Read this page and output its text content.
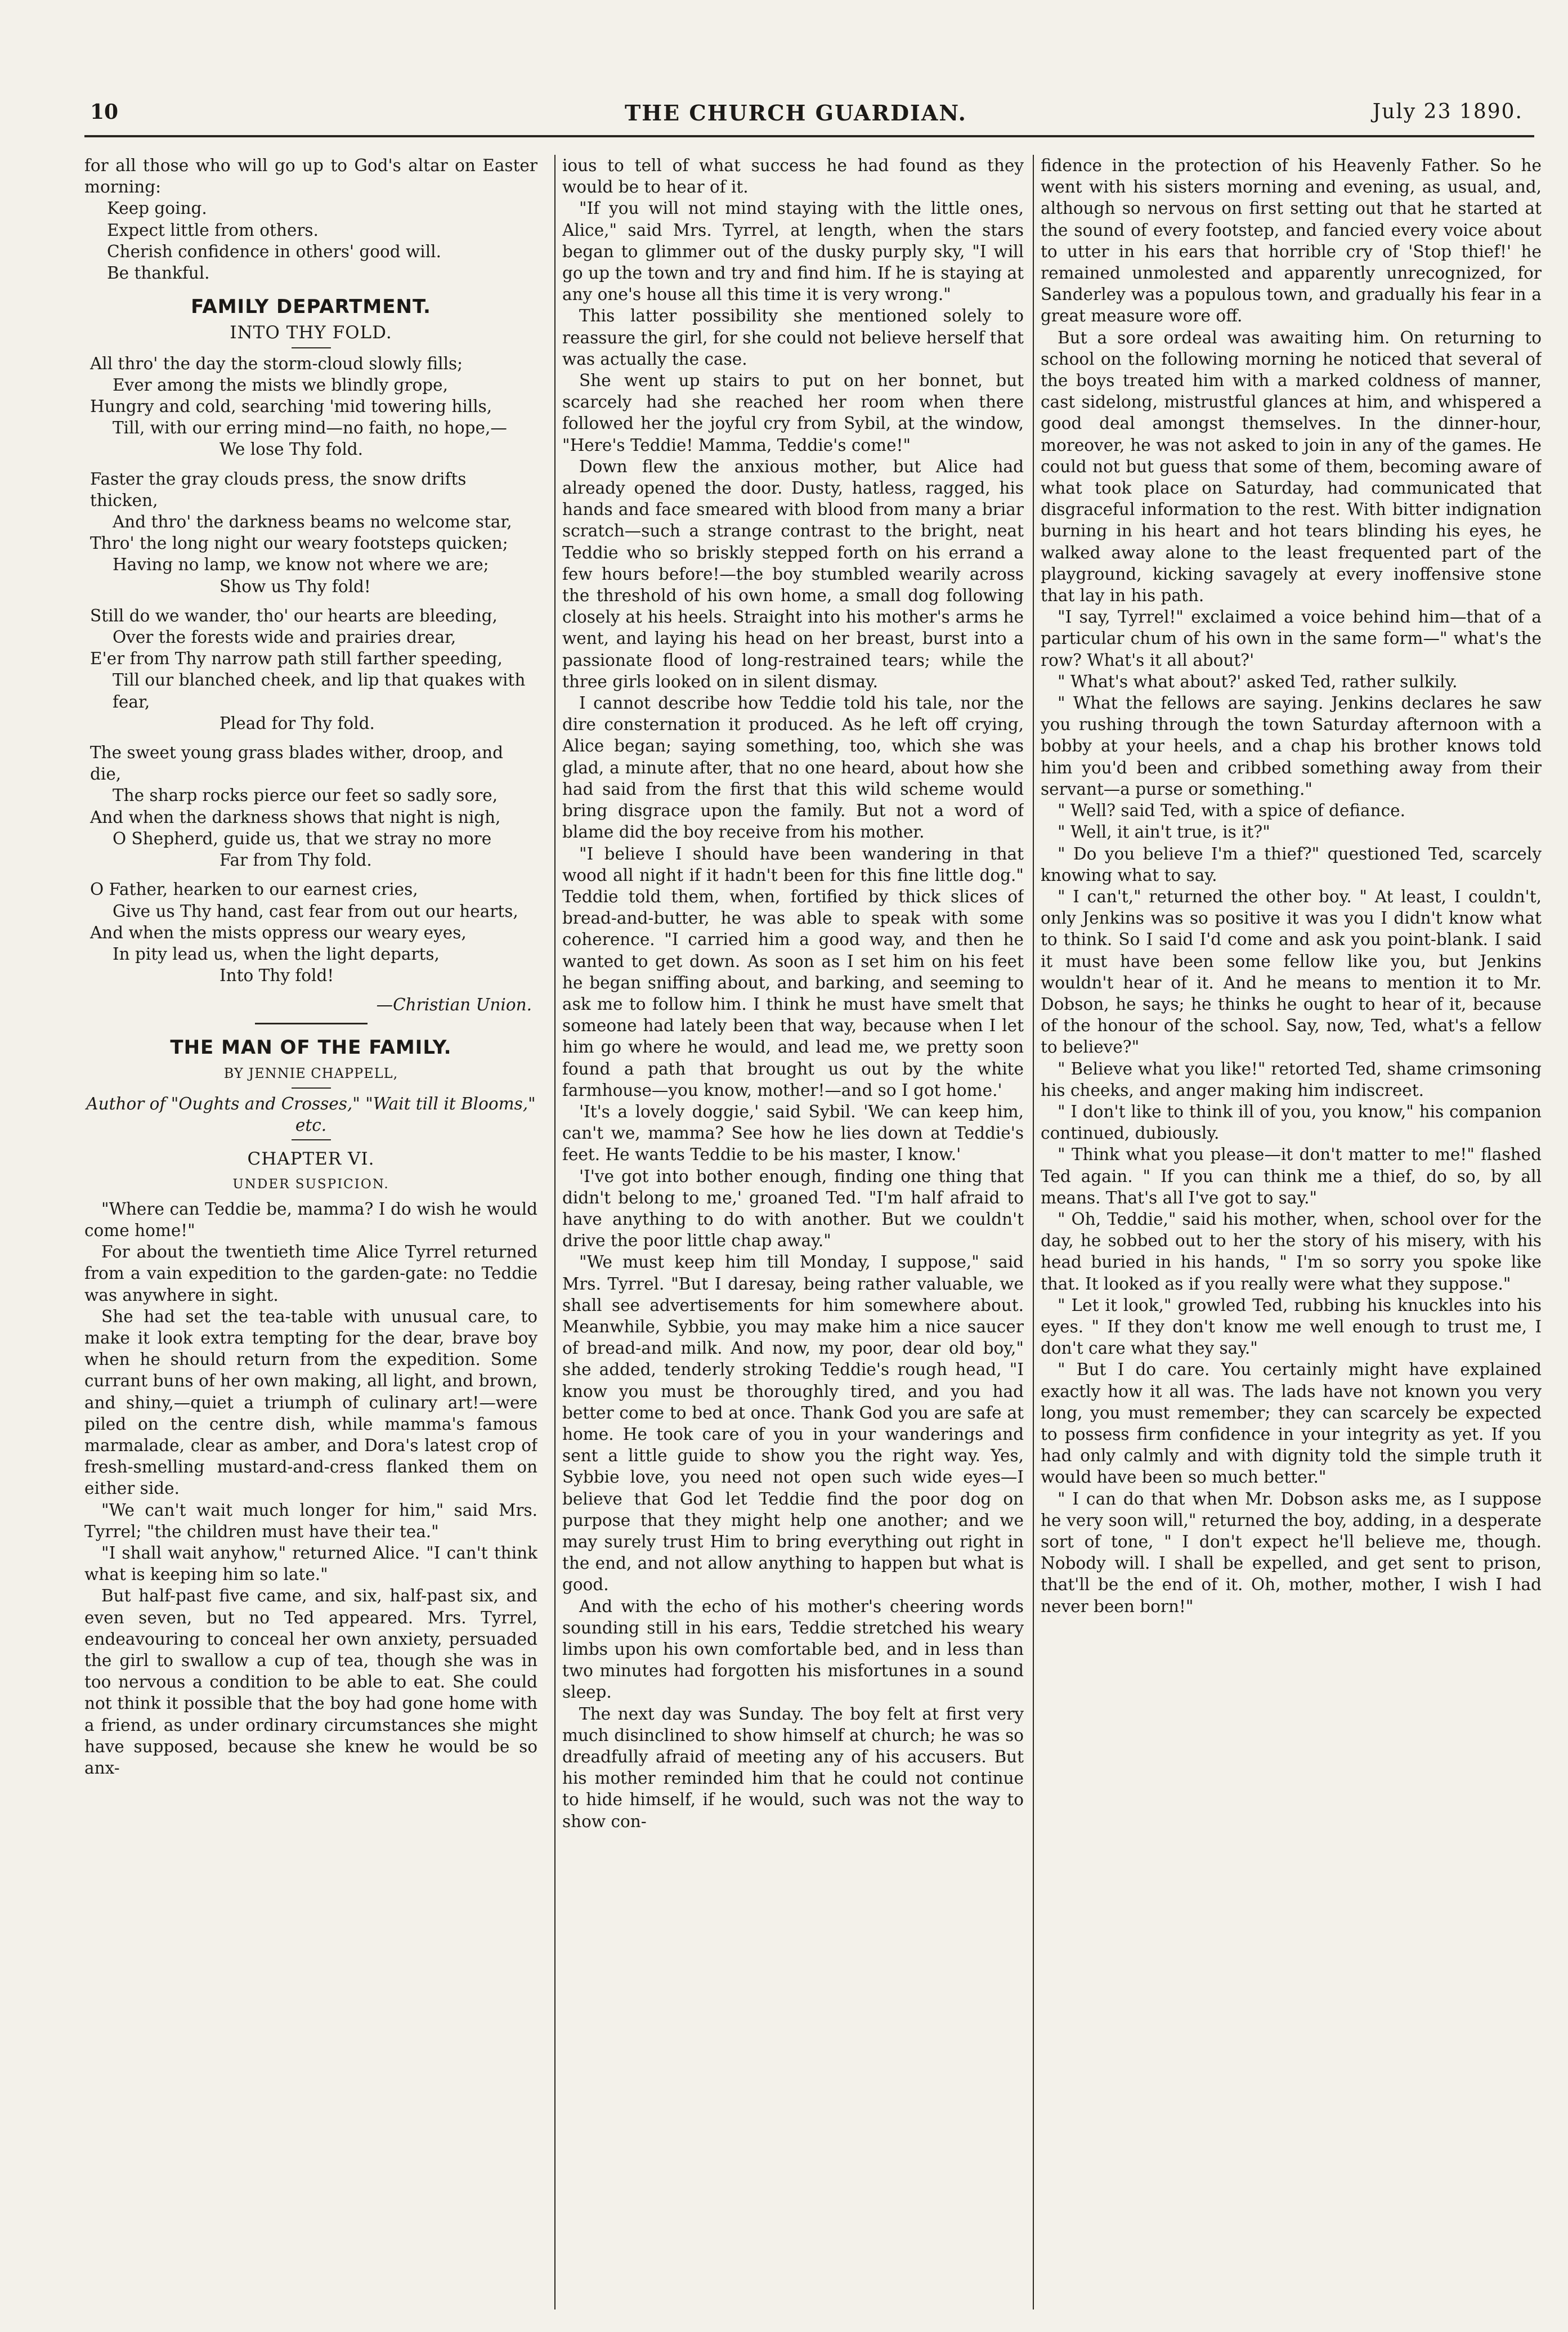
10	THE CHURCH GUARDIAN.	July 23 1890.

for all those who will go up to God's altar on Easter morning:

Keep going.
Expect little from others.
Cherish confidence in others' good will.
Be thankful.
FAMILY DEPARTMENT.
INTO THY FOLD.
All thro' the day the storm-cloud slowly fills;
Ever among the mists we blindly grope,
Hungry and cold, searching 'mid towering hills,
Till, with our erring mind—no faith, no hope,—
We lose Thy fold.
Faster the gray clouds press, the snow drifts thicken,
And thro' the darkness beams no welcome star,
Thro' the long night our weary footsteps quicken;
Having no lamp, we know not where we are;
Show us Thy fold!
Still do we wander, tho' our hearts are bleeding,
Over the forests wide and prairies drear,
E'er from Thy narrow path still farther speeding,
Till our blanched cheek, and lip that quakes with fear,
Plead for Thy fold.
The sweet young grass blades wither, droop, and die,
The sharp rocks pierce our feet so sadly sore,
And when the darkness shows that night is nigh,
O Shepherd, guide us, that we stray no more
Far from Thy fold.
O Father, hearken to our earnest cries,
Give us Thy hand, cast fear from out our hearts,
And when the mists oppress our weary eyes,
In pity lead us, when the light departs,
Into Thy fold!
—Christian Union.
THE MAN OF THE FAMILY.
BY JENNIE CHAPPELL,
Author of "Oughts and Crosses," "Wait till it Blooms," etc.
CHAPTER VI.
UNDER SUSPICION.

"Where can Teddie be, mamma? I do wish he would come home!"

For about the twentieth time Alice Tyrrel returned from a vain expedition to the garden-gate: no Teddie was anywhere in sight.

She had set the tea-table with unusual care, to make it look extra tempting for the dear, brave boy when he should return from the expedition. Some currant buns of her own making, all light, and brown, and shiny,—quiet a triumph of culinary art!—were piled on the centre dish, while mamma's famous marmalade, clear as amber, and Dora's latest crop of fresh-smelling mustard-and-cress flanked them on either side.

"We can't wait much longer for him," said Mrs. Tyrrel; "the children must have their tea."

"I shall wait anyhow," returned Alice. "I can't think what is keeping him so late."

But half-past five came, and six, half-past six, and even seven, but no Ted appeared. Mrs. Tyrrel, endeavouring to conceal her own anxiety, persuaded the girl to swallow a cup of tea, though she was in too nervous a condition to be able to eat. She could not think it possible that the boy had gone home with a friend, as under ordinary circumstances she might have supposed, because she knew he would be so anx-

ious to tell of what success he had found as they would be to hear of it.

"If you will not mind staying with the little ones, Alice," said Mrs. Tyrrel, at length, when the stars began to glimmer out of the dusky purply sky, "I will go up the town and try and find him. If he is staying at any one's house all this time it is very wrong."

This latter possibility she mentioned solely to reassure the girl, for she could not believe herself that was actually the case.

She went up stairs to put on her bonnet, but scarcely had she reached her room when there followed her the joyful cry from Sybil, at the window, "Here's Teddie! Mamma, Teddie's come!"

Down flew the anxious mother, but Alice had already opened the door. Dusty, hatless, ragged, his hands and face smeared with blood from many a briar scratch—such a strange contrast to the bright, neat Teddie who so briskly stepped forth on his errand a few hours before!—the boy stumbled wearily across the threshold of his own home, a small dog following closely at his heels. Straight into his mother's arms he went, and laying his head on her breast, burst into a passionate flood of long-restrained tears; while the three girls looked on in silent dismay.

I cannot describe how Teddie told his tale, nor the dire consternation it produced. As he left off crying, Alice began; saying something, too, which she was glad, a minute after, that no one heard, about how she had said from the first that this wild scheme would bring disgrace upon the family. But not a word of blame did the boy receive from his mother.

"I believe I should have been wandering in that wood all night if it hadn't been for this fine little dog." Teddie told them, when, fortified by thick slices of bread-and-butter, he was able to speak with some coherence. "I carried him a good way, and then he wanted to get down. As soon as I set him on his feet he began sniffing about, and barking, and seeming to ask me to follow him. I think he must have smelt that someone had lately been that way, because when I let him go where he would, and lead me, we pretty soon found a path that brought us out by the white farmhouse—you know, mother!—and so I got home.'

'It's a lovely doggie,' said Sybil. 'We can keep him, can't we, mamma? See how he lies down at Teddie's feet. He wants Teddie to be his master, I know.'

'I've got into bother enough, finding one thing that didn't belong to me,' groaned Ted. "I'm half afraid to have anything to do with another. But we couldn't drive the poor little chap away."

"We must keep him till Monday, I suppose," said Mrs. Tyrrel. "But I daresay, being rather valuable, we shall see advertisements for him somewhere about. Meanwhile, Sybbie, you may make him a nice saucer of bread-and milk. And now, my poor, dear old boy," she added, tenderly stroking Teddie's rough head, "I know you must be thoroughly tired, and you had better come to bed at once. Thank God you are safe at home. He took care of you in your wanderings and sent a little guide to show you the right way. Yes, Sybbie love, you need not open such wide eyes—I believe that God let Teddie find the poor dog on purpose that they might help one another; and we may surely trust Him to bring everything out right in the end, and not allow anything to happen but what is good.

And with the echo of his mother's cheering words sounding still in his ears, Teddie stretched his weary limbs upon his own comfortable bed, and in less than two minutes had forgotten his misfortunes in a sound sleep.

The next day was Sunday. The boy felt at first very much disinclined to show himself at church; he was so dreadfully afraid of meeting any of his accusers. But his mother reminded him that he could not continue to hide himself, if he would, such was not the way to show con-

fidence in the protection of his Heavenly Father. So he went with his sisters morning and evening, as usual, and, although so nervous on first setting out that he started at the sound of every footstep, and fancied every voice about to utter in his ears that horrible cry of 'Stop thief!' he remained unmolested and apparently unrecognized, for Sanderley was a populous town, and gradually his fear in a great measure wore off.

But a sore ordeal was awaiting him. On returning to school on the following morning he noticed that several of the boys treated him with a marked coldness of manner, cast sidelong, mistrustful glances at him, and whispered a good deal amongst themselves. In the dinner-hour, moreover, he was not asked to join in any of the games. He could not but guess that some of them, becoming aware of what took place on Saturday, had communicated that disgraceful information to the rest. With bitter indignation burning in his heart and hot tears blinding his eyes, he walked away alone to the least frequented part of the playground, kicking savagely at every inoffensive stone that lay in his path.

"I say, Tyrrel!" exclaimed a voice behind him—that of a particular chum of his own in the same form—" what's the row? What's it all about?'

" What's what about?' asked Ted, rather sulkily.

" What the fellows are saying. Jenkins declares he saw you rushing through the town Saturday afternoon with a bobby at your heels, and a chap his brother knows told him you'd been and cribbed something away from their servant—a purse or something."

" Well? said Ted, with a spice of defiance.

" Well, it ain't true, is it?"

" Do you believe I'm a thief?" questioned Ted, scarcely knowing what to say.

" I can't," returned the other boy. " At least, I couldn't, only Jenkins was so positive it was you I didn't know what to think. So I said I'd come and ask you point-blank. I said it must have been some fellow like you, but Jenkins wouldn't hear of it. And he means to mention it to Mr. Dobson, he says; he thinks he ought to hear of it, because of the honour of the school. Say, now, Ted, what's a fellow to believe?"

" Believe what you like!" retorted Ted, shame crimsoning his cheeks, and anger making him indiscreet.

" I don't like to think ill of you, you know," his companion continued, dubiously.

" Think what you please—it don't matter to me!" flashed Ted again. " If you can think me a thief, do so, by all means. That's all I've got to say."

" Oh, Teddie," said his mother, when, school over for the day, he sobbed out to her the story of his misery, with his head buried in his hands, " I'm so sorry you spoke like that. It looked as if you really were what they suppose."

" Let it look," growled Ted, rubbing his knuckles into his eyes. " If they don't know me well enough to trust me, I don't care what they say."

" But I do care. You certainly might have explained exactly how it all was. The lads have not known you very long, you must remember; they can scarcely be expected to possess firm confidence in your integrity as yet. If you had only calmly and with dignity told the simple truth it would have been so much better."

" I can do that when Mr. Dobson asks me, as I suppose he very soon will," returned the boy, adding, in a desperate sort of tone, " I don't expect he'll believe me, though. Nobody will. I shall be expelled, and get sent to prison, that'll be the end of it. Oh, mother, mother, I wish I had never been born!"
